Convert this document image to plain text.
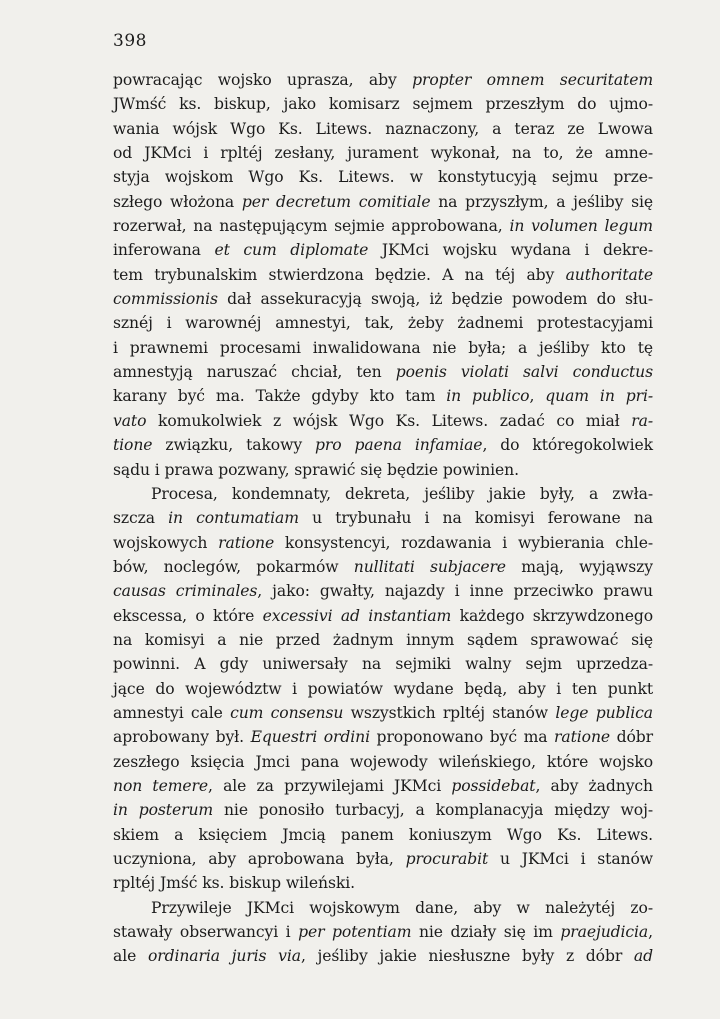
398
powracając wojsko uprasza, aby propter omnem securitatem
JWmść ks. biskup, jako komisarz sejmem przeszłym do ujmo-
wania wójsk Wgo Ks. Litews. naznaczony, a teraz ze Lwowa
od JKMci i rpltéj zesłany, jurament wykonał, na to, że amne-
styja wojskom Wgo Ks. Litews. w konstytucyją sejmu prze-
szłego włożona per decretum comitiale na przyszłym, a jeśliby się
rozerwał, na następującym sejmie approbowana, in volumen legum
inferowana et cum diplomate JKMci wojsku wydana i dekre-
tem trybunalskim stwierdzona będzie. A na téj aby authoritate
commissionis dał assekuracyją swoją, iż będzie powodem do słu-
sznéj i warownéj amnestyi, tak, żeby żadnemi protestacyjami
i prawnemi procesami inwalidowana nie była; a jeśliby kto tę
amnestyją naruszać chciał, ten poenis violati salvi conductus
karany być ma. Także gdyby kto tam in publico, quam in pri-
vato komukolwiek z wójsk Wgo Ks. Litews. zadać co miał ra-
tione związku, takowy pro paena infamiae, do któregokolwiek
sądu i prawa pozwany, sprawić się będzie powinien.
Procesa, kondemnaty, dekreta, jeśliby jakie były, a zwła-
szcza in contumatiam u trybunału i na komisyi ferowane na
wojskowych ratione konsystencyi, rozdawania i wybierania chle-
bów, noclegów, pokarmów nullitati subjacere mają, wyjąwszy
causas criminales, jako: gwałty, najazdy i inne przeciwko prawu
ekscessa, o które excessivi ad instantiam każdego skrzywdzonego
na komisyi a nie przed żadnym innym sądem sprawować się
powinni. A gdy uniwersały na sejmiki walny sejm uprzedza-
jące do województw i powiatów wydane będą, aby i ten punkt
amnestyi cale cum consensu wszystkich rpltéj stanów lege publica
aprobowany był. Equestri ordini proponowano być ma ratione dóbr
zeszłego księcia Jmci pana wojewody wileńskiego, które wojsko
non temere, ale za przywilejami JKMci possidebat, aby żadnych
in posterum nie ponosiło turbacyj, a komplanacyja między woj-
skiem a księciem Jmcią panem koniuszym Wgo Ks. Litews.
uczyniona, aby aprobowana była, procurabit u JKMci i stanów
rpltéj Jmść ks. biskup wileński.
Przywileje JKMci wojskowym dane, aby w należytéj zo-
stawały obserwancyi i per potentiam nie działy się im praejudicia,
ale ordinaria juris via, jeśliby jakie niesłuszne były z dóbr ad
